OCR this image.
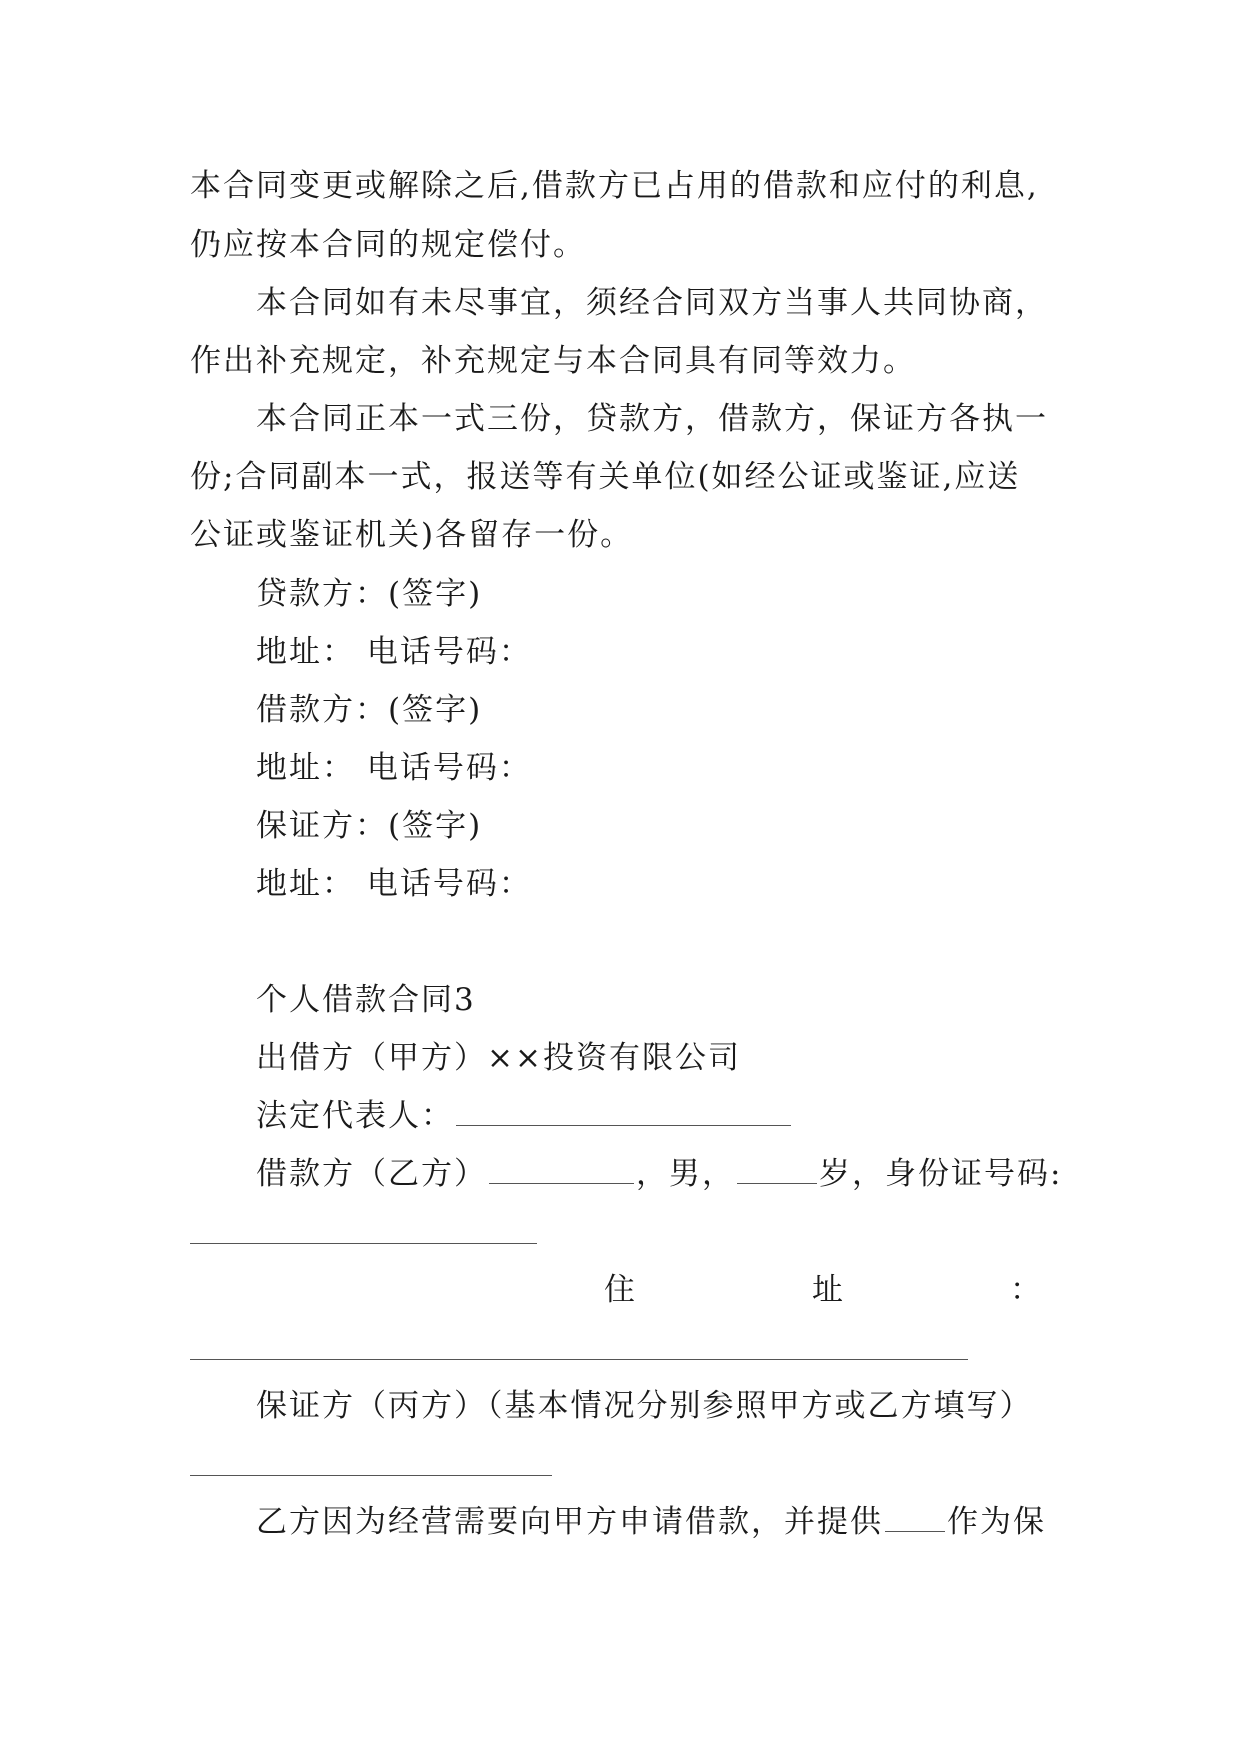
本合同变更或解除之后,借款方已占用的借款和应付的利息,
仍应按本合同的规定偿付。
本合同如有未尽事宜，须经合同双方当事人共同协商，
作出补充规定，补充规定与本合同具有同等效力。
本合同正本一式三份，贷款方，借款方，保证方各执一
份;合同副本一式，报送等有关单位(如经公证或鉴证,应送
公证或鉴证机关)各留存一份。
贷款方：(签字)
地址： 电话号码：
借款方：(签字)
地址： 电话号码：
保证方：(签字)
地址： 电话号码：
个人借款合同3
出借方（甲方）××投资有限公司
法定代表人：
借款方（乙方）	，男，	岁，身份证号码:
住	址	：
保证方（丙方）（基本情况分别参照甲方或乙方填写）
乙方因为经营需要向甲方申请借款，并提供 作为保
